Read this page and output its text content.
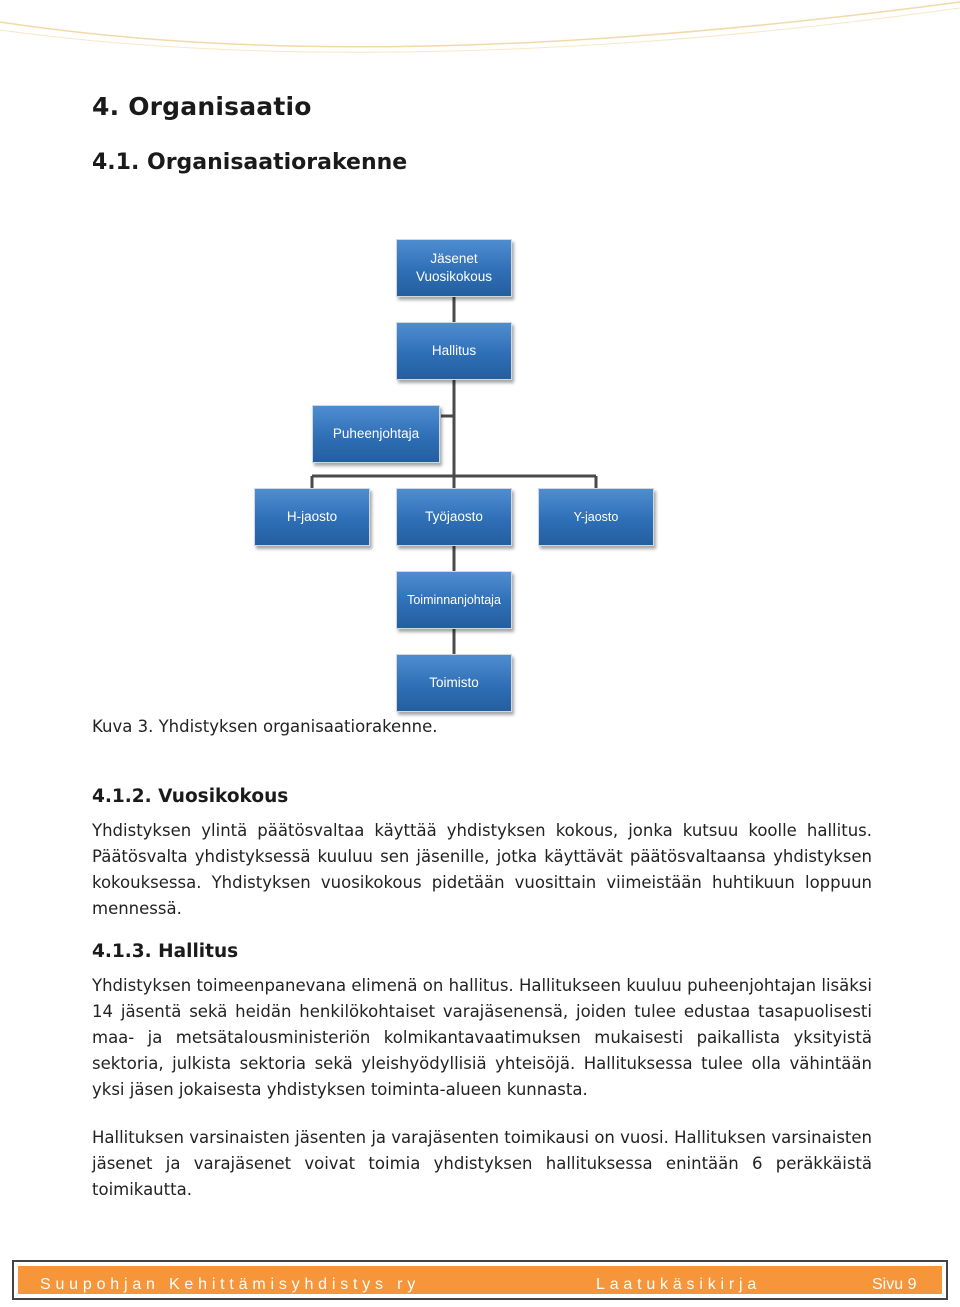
4. Organisaatio
4.1. Organisaatiorakenne
Jäsenet
Vuosikokous
Hallitus
Puheenjohtaja
H-jaosto	Työjaosto	Y-jaosto
Toiminnanjohtaja
Toimisto
Kuva 3. Yhdistyksen organisaatiorakenne.
4.1.2. Vuosikokous

Yhdistyksen ylintä päätösvaltaa käyttää yhdistyksen kokous, jonka kutsuu koolle hallitus. Päätösvalta yhdistyksessä kuuluu sen jäsenille, jotka käyttävät päätösvaltaansa yhdistyksen kokouksessa. Yhdistyksen vuosikokous pidetään vuosittain viimeistään huhtikuun loppuun mennessä.

4.1.3. Hallitus

Yhdistyksen toimeenpanevana elimenä on hallitus. Hallitukseen kuuluu puheenjohtajan lisäksi 14 jäsentä sekä heidän henkilökohtaiset varajäsenensä, joiden tulee edustaa tasapuolisesti maa- ja metsätalousministeriön kolmikantavaatimuksen mukaisesti paikallista yksityistä sektoria, julkista sektoria sekä yleishyödyllisiä yhteisöjä. Hallituksessa tulee olla vähintään yksi jäsen jokaisesta yhdistyksen toiminta-alueen kunnasta.

Hallituksen varsinaisten jäsenten ja varajäsenten toimikausi on vuosi. Hallituksen varsinaisten jäsenet ja varajäsenet voivat toimia yhdistyksen hallituksessa enintään 6 peräkkäistä toimikautta.

Suupohjan Kehittämisyhdistys ry	Laatukäsikirja	Sivu 9
